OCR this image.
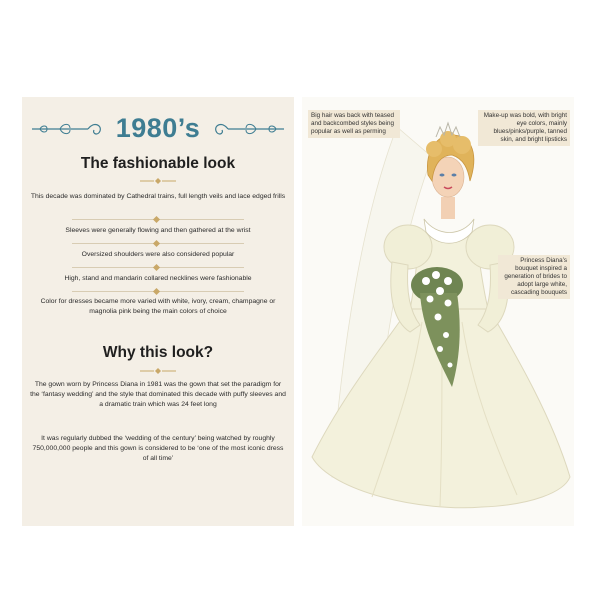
1980’s
The fashionable look
This decade was dominated by Cathedral trains, full length veils and lace edged frills
Sleeves were generally flowing and then gathered at the wrist
Oversized shoulders were also considered popular
High, stand and mandarin collared necklines were fashionable
Color for dresses became more varied with white, ivory, cream, champagne or magnolia pink being the main colors of choice
Why this look?
The gown worn by Princess Diana in 1981 was the gown that set the paradigm for the ‘fantasy wedding’ and the style that dominated this decade with puffy sleeves and a dramatic train which was 24 feet long
It was regularly dubbed the ‘wedding of the century’ being watched by roughly 750,000,000 people and this gown is considered to be ‘one of the most iconic dress of all time’
Big hair was back with teased and backcombed styles being popular as well as perming
Make-up was bold, with bright eye colors, mainly blues/pinks/purple, tanned skin, and bright lipsticks
Princess Diana’s bouquet inspired a generation of brides to adopt large white, cascading bouquets
